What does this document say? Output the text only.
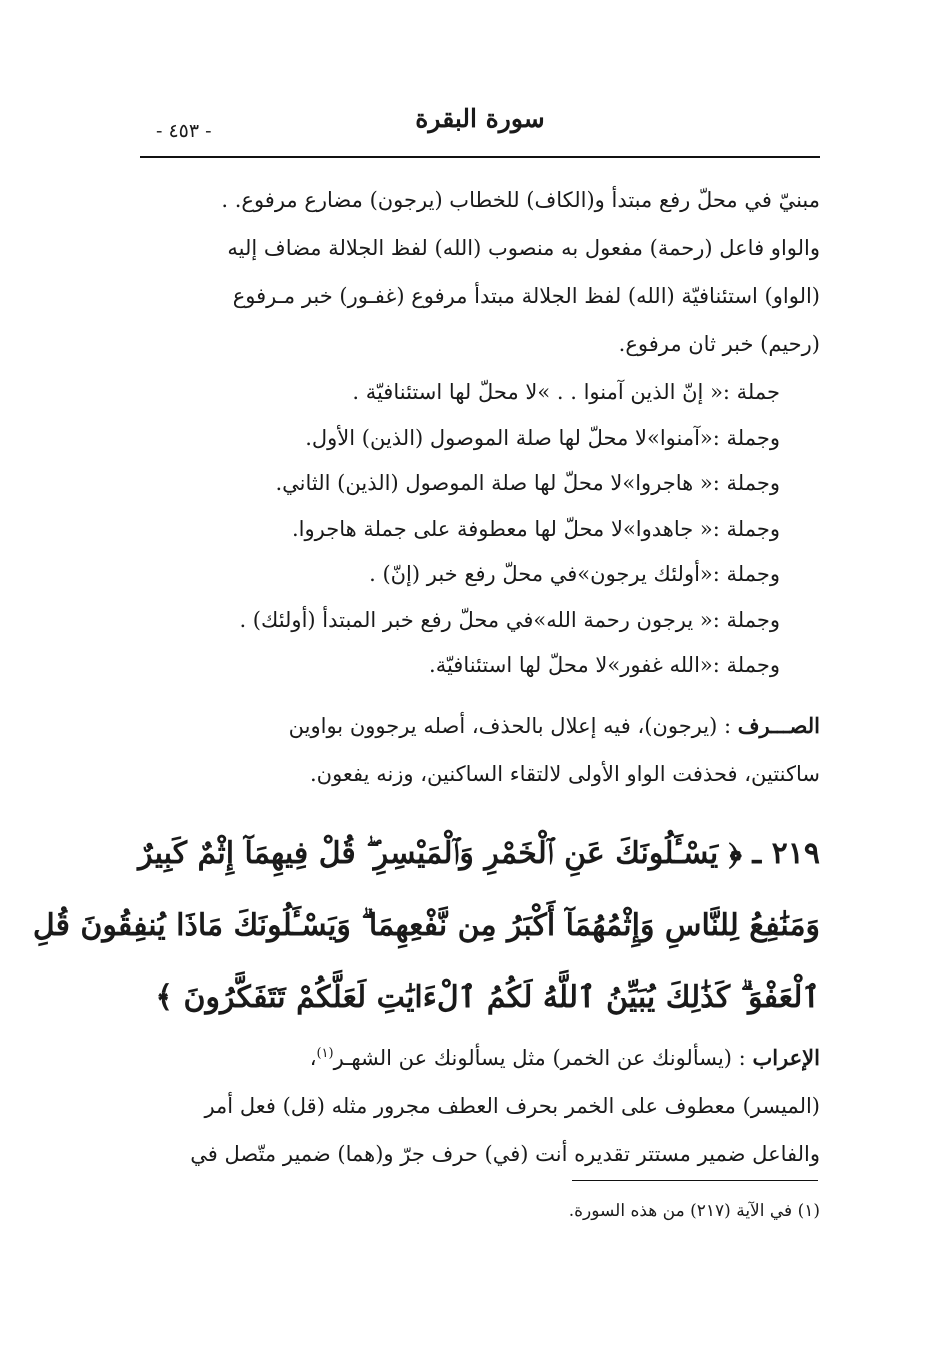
سورة البقرة
- ٤٥٣ -

مبنيّ في محلّ رفع مبتدأ و(الكاف) للخطاب (يرجون) مضارع مرفوع. .

والواو فاعل (رحمة) مفعول به منصوب (الله) لفظ الجلالة مضاف إليه

(الواو) استئنافيّة (الله) لفظ الجلالة مبتدأ مرفوع (غفـور) خبر مـرفوع

(رحيم) خبر ثان مرفوع.

جملة :« إنّ الذين آمنوا . . »لا محلّ لها استئنافيّة .
وجملة :«آمنوا»لا محلّ لها صلة الموصول (الذين) الأول.
وجملة :« هاجروا»لا محلّ لها صلة الموصول (الذين) الثاني.
وجملة :« جاهدوا»لا محلّ لها معطوفة على جملة هاجروا.
وجملة :«أولئك يرجون»في محلّ رفع خبر (إنّ) .
وجملة :« يرجون رحمة الله»في محلّ رفع خبر المبتدأ (أولئك) .
وجملة :«الله غفور»لا محلّ لها استئنافيّة.

الصـــرف : (يرجون)، فيه إعلال بالحذف، أصله يرجوون بواوين

ساكنتين، فحذفت الواو الأولى لالتقاء الساكنين، وزنه يفعون.

٢١٩ ـ ﴿ يَسْـَٔلُونَكَ عَنِ ٱلْخَمْرِ وَٱلْمَيْسِرِ ۖ قُلْ فِيهِمَآ إِثْمٌ كَبِيرٌ
وَمَنَٰفِعُ لِلنَّاسِ وَإِثْمُهُمَآ أَكْبَرُ مِن نَّفْعِهِمَا ۗ وَيَسْـَٔلُونَكَ مَاذَا يُنفِقُونَ قُلِ
ٱلْعَفْوَ ۗ كَذَٰلِكَ يُبَيِّنُ ٱللَّهُ لَكُمُ ٱلْءَايَٰتِ لَعَلَّكُمْ تَتَفَكَّرُونَ ﴾

الإعراب : (يسألونك عن الخمر) مثل يسألونك عن الشهـر$^{(١)}$،

(الميسر) معطوف على الخمر بحرف العطف مجرور مثله (قل) فعل أمر

والفاعل ضمير مستتر تقديره أنت (في) حرف جرّ و(هما) ضمير متّصل في

(١) في الآية (٢١٧) من هذه السورة.
